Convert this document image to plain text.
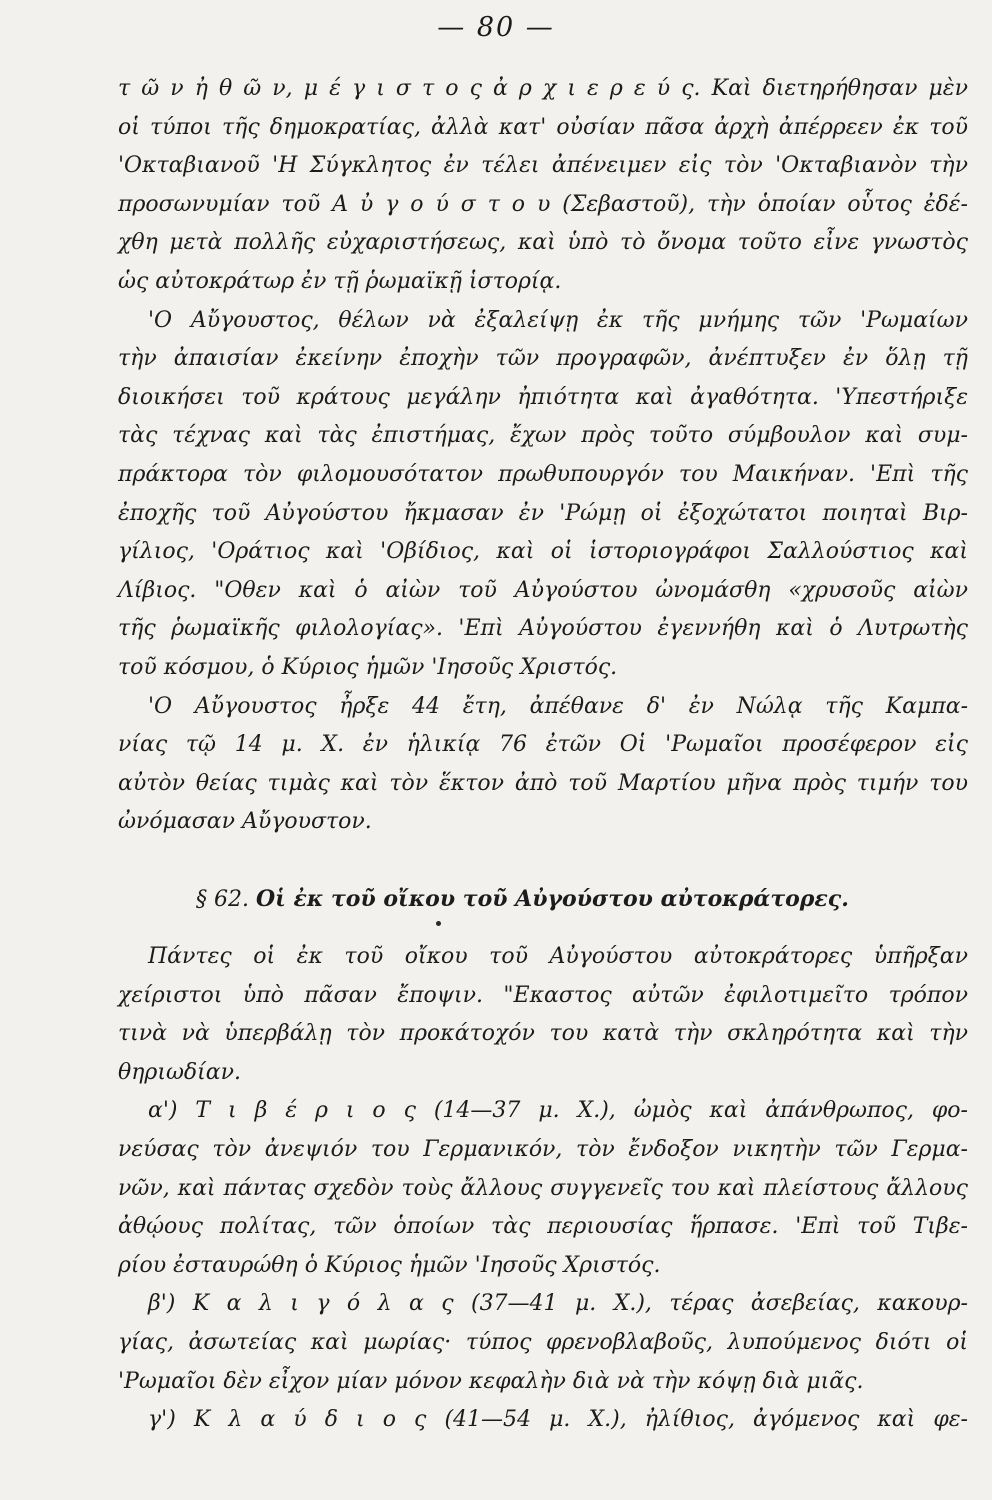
— 80 —
τ ῶ ν ἠ θ ῶ ν, μ έ γ ι σ τ ο ς ἀ ρ χ ι ε ρ ε ύ ς. Καὶ διετηρήθησαν μὲν
οἱ τύποι τῆς δημοκρατίας, ἀλλὰ κατ' οὐσίαν πᾶσα ἀρχὴ ἀπέρρεεν ἐκ τοῦ
'Οκταβιανοῦ 'Η Σύγκλητος ἐν τέλει ἀπένειμεν εἰς τὸν 'Οκταβιανὸν τὴν
προσωνυμίαν τοῦ Α ὐ γ ο ύ σ τ ο υ (Σεβαστοῦ), τὴν ὁποίαν οὗτος ἐδέ-
χθη μετὰ πολλῆς εὐχαριστήσεως, καὶ ὑπὸ τὸ ὄνομα τοῦτο εἶνε γνωστὸς
ὡς αὐτοκράτωρ ἐν τῇ ῥωμαϊκῇ ἱστορίᾳ.
'Ο Αὔγουστος, θέλων νὰ ἐξαλείψῃ ἐκ τῆς μνήμης τῶν 'Ρωμαίων
τὴν ἀπαισίαν ἐκείνην ἐποχὴν τῶν προγραφῶν, ἀνέπτυξεν ἐν ὅλῃ τῇ
διοικήσει τοῦ κράτους μεγάλην ἠπιότητα καὶ ἀγαθότητα. 'Υπεστήριξε
τὰς τέχνας καὶ τὰς ἐπιστήμας, ἔχων πρὸς τοῦτο σύμβουλον καὶ συμ-
πράκτορα τὸν φιλομουσότατον πρωθυπουργόν του Μαικήναν. 'Επὶ τῆς
ἐποχῆς τοῦ Αὐγούστου ἤκμασαν ἐν 'Ρώμῃ οἱ ἐξοχώτατοι ποιηταὶ Βιρ-
γίλιος, 'Οράτιος καὶ 'Οβίδιος, καὶ οἱ ἱστοριογράφοι Σαλλούστιος καὶ
Λίβιος. "Οθεν καὶ ὁ αἰὼν τοῦ Αὐγούστου ὠνομάσθη «χρυσοῦς αἰὼν
τῆς ῥωμαϊκῆς φιλολογίας». 'Επὶ Αὐγούστου ἐγεννήθη καὶ ὁ Λυτρωτὴς
τοῦ κόσμου, ὁ Κύριος ἡμῶν 'Ιησοῦς Χριστός.
'Ο Αὔγουστος ἦρξε 44 ἔτη, ἀπέθανε δ' ἐν Νώλᾳ τῆς Καμπα-
νίας τῷ 14 μ. Χ. ἐν ἡλικίᾳ 76 ἐτῶν Οἱ 'Ρωμαῖοι προσέφερον εἰς
αὐτὸν θείας τιμὰς καὶ τὸν ἕκτον ἀπὸ τοῦ Μαρτίου μῆνα πρὸς τιμήν του
ὠνόμασαν Αὔγουστον.
§ 62. Οἱ ἐκ τοῦ οἴκου τοῦ Αὐγούστου αὐτοκράτορες.
Πάντες οἱ ἐκ τοῦ οἴκου τοῦ Αὐγούστου αὐτοκράτορες ὑπῆρξαν
χείριστοι ὑπὸ πᾶσαν ἔποψιν. "Εκαστος αὐτῶν ἐφιλοτιμεῖτο τρόπον
τινὰ νὰ ὑπερβάλῃ τὸν προκάτοχόν του κατὰ τὴν σκληρότητα καὶ τὴν
θηριωδίαν.
α') Τ ι β έ ρ ι ο ς (14—37 μ. Χ.), ὠμὸς καὶ ἀπάνθρωπος, φο-
νεύσας τὸν ἀνεψιόν του Γερμανικόν, τὸν ἔνδοξον νικητὴν τῶν Γερμα-
νῶν, καὶ πάντας σχεδὸν τοὺς ἄλλους συγγενεῖς του καὶ πλείστους ἄλλους
ἀθῴους πολίτας, τῶν ὁποίων τὰς περιουσίας ἥρπασε. 'Επὶ τοῦ Τιβε-
ρίου ἐσταυρώθη ὁ Κύριος ἡμῶν 'Ιησοῦς Χριστός.
β') Κ α λ ι γ ό λ α ς (37—41 μ. Χ.), τέρας ἀσεβείας, κακουρ-
γίας, ἀσωτείας καὶ μωρίας· τύπος φρενοβλαβοῦς, λυπούμενος διότι οἱ
'Ρωμαῖοι δὲν εἶχον μίαν μόνον κεφαλὴν διὰ νὰ τὴν κόψῃ διὰ μιᾶς.
γ') Κ λ α ύ δ ι ο ς (41—54 μ. Χ.), ἠλίθιος, ἀγόμενος καὶ φε-
